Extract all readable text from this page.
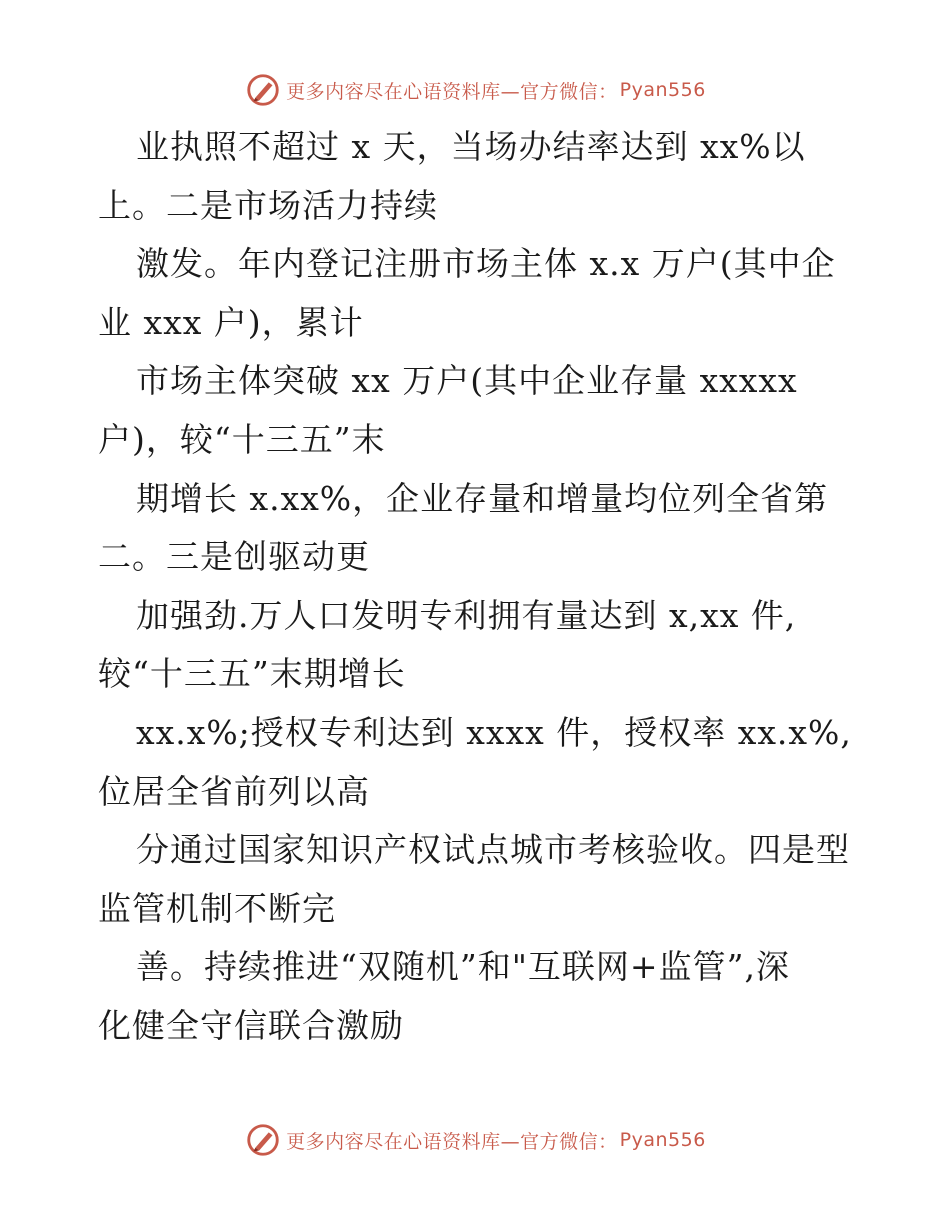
更多内容尽在心语资料库—官方微信： Pyan556
业执照不超过 x 天，当场办结率达到 xx%以
上。二是市场活力持续
激发。年内登记注册市场主体 x.x 万户(其中企
业 xxx 户)，累计
市场主体突破 xx 万户(其中企业存量 xxxxx
户)，较“十三五”末
期增长 x.xx%，企业存量和增量均位列全省第
二。三是创驱动更
加强劲.万人口发明专利拥有量达到 x,xx 件,
较“十三五”末期增长
xx.x%;授权专利达到 xxxx 件，授权率 xx.x%,
位居全省前列以高
分通过国家知识产权试点城市考核验收。四是型
监管机制不断完
善。持续推进“双随机”和"互联网+监管”,深
化健全守信联合激励
更多内容尽在心语资料库—官方微信： Pyan556
